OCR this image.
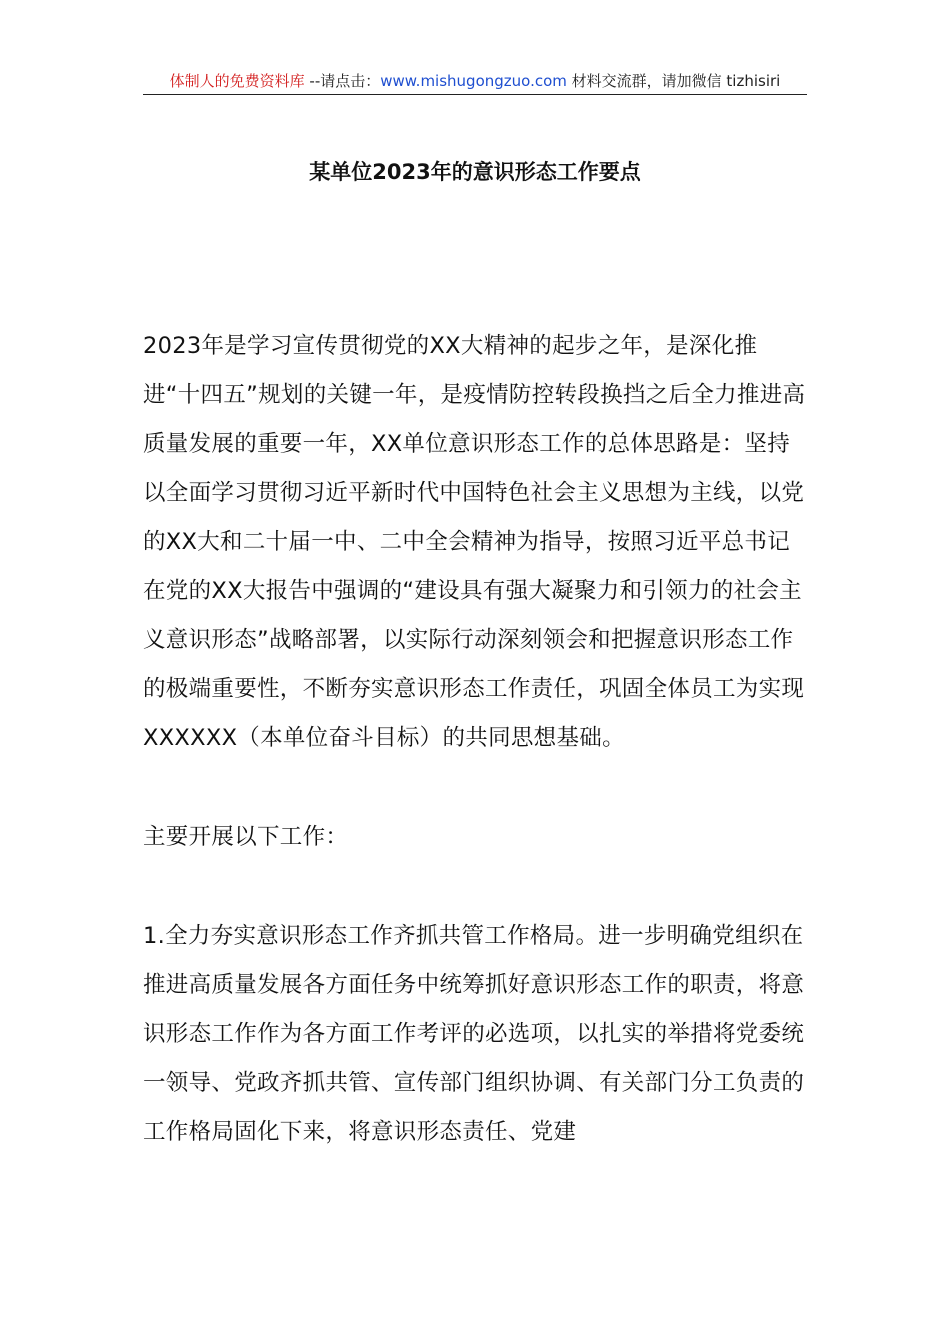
体制人的免费资料库 --请点击：www.mishugongzuo.com 材料交流群，请加微信 tizhisiri
某单位2023年的意识形态工作要点

2023年是学习宣传贯彻党的XX大精神的起步之年，是深化推进“十四五”规划的关键一年，是疫情防控转段换挡之后全力推进高质量发展的重要一年，XX单位意识形态工作的总体思路是：坚持以全面学习贯彻习近平新时代中国特色社会主义思想为主线，以党的XX大和二十届一中、二中全会精神为指导，按照习近平总书记在党的XX大报告中强调的“建设具有强大凝聚力和引领力的社会主义意识形态”战略部署，以实际行动深刻领会和把握意识形态工作的极端重要性，不断夯实意识形态工作责任，巩固全体员工为实现XXXXXX（本单位奋斗目标）的共同思想基础。

主要开展以下工作：

1.全力夯实意识形态工作齐抓共管工作格局。进一步明确党组织在推进高质量发展各方面任务中统筹抓好意识形态工作的职责，将意识形态工作作为各方面工作考评的必选项，以扎实的举措将党委统一领导、党政齐抓共管、宣传部门组织协调、有关部门分工负责的工作格局固化下来，将意识形态责任、党建
